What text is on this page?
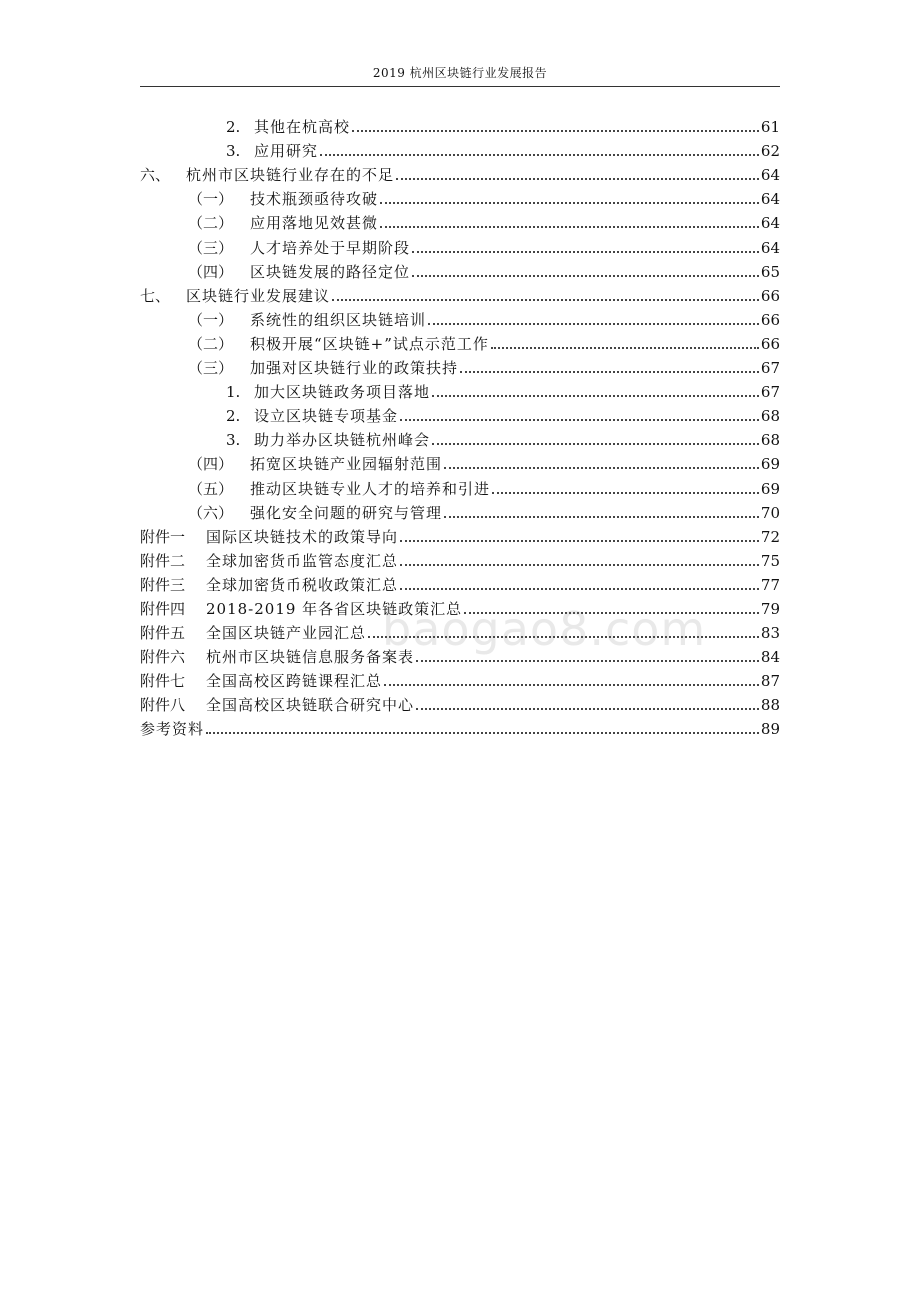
2019 杭州区块链行业发展报告
2. 其他在杭高校	61
3. 应用研究	62
六、	杭州市区块链行业存在的不足	64
（一）	技术瓶颈亟待攻破	64
（二）	应用落地见效甚微	64
（三）	人才培养处于早期阶段	64
（四）	区块链发展的路径定位	65
七、	区块链行业发展建议	66
（一）	系统性的组织区块链培训	66
（二）	积极开展“区块链+”试点示范工作	66
（三）	加强对区块链行业的政策扶持	67
1. 加大区块链政务项目落地	67
2. 设立区块链专项基金	68
3. 助力举办区块链杭州峰会	68
（四）	拓宽区块链产业园辐射范围	69
（五）	推动区块链专业人才的培养和引进	69
（六）	强化安全问题的研究与管理	70
附件一	国际区块链技术的政策导向	72
附件二	全球加密货币监管态度汇总	75
附件三	全球加密货币税收政策汇总	77
附件四	2018-2019 年各省区块链政策汇总	79
附件五	全国区块链产业园汇总	83
附件六	杭州市区块链信息服务备案表	84
附件七	全国高校区跨链课程汇总	87
附件八	全国高校区块链联合研究中心	88
参考资料	89
baogao8.com
